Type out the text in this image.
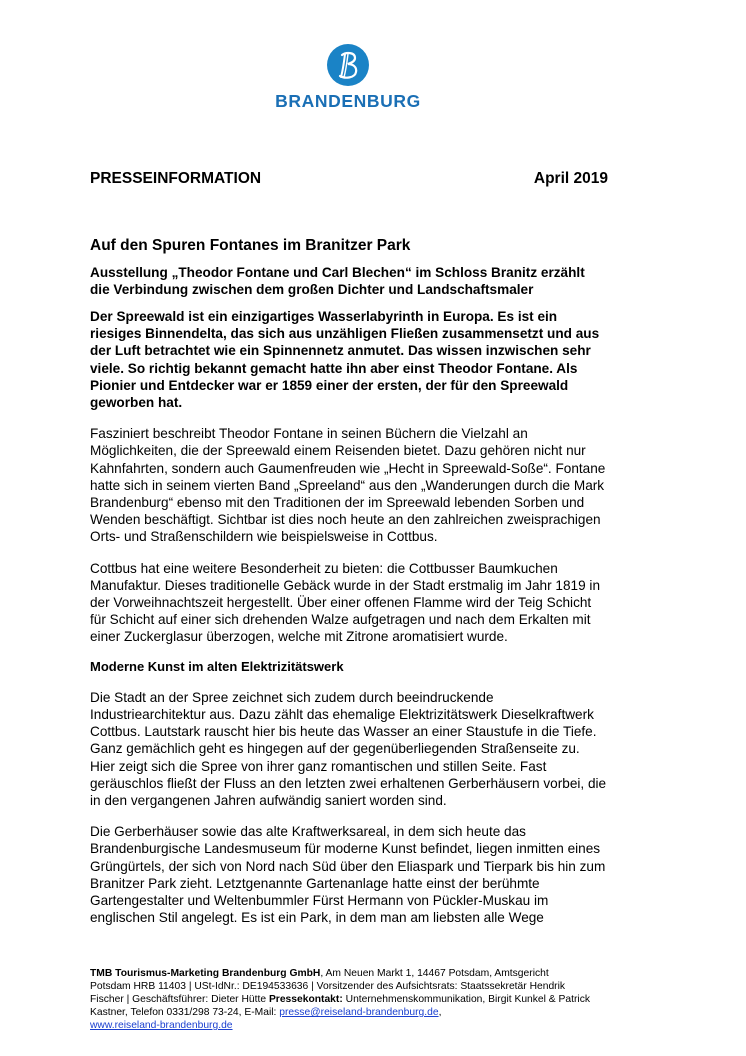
BRANDENBURG
PRESSEINFORMATION	April 2019
Auf den Spuren Fontanes im Branitzer Park
Ausstellung „Theodor Fontane und Carl Blechen“ im Schloss Branitz erzählt die Verbindung zwischen dem großen Dichter und Landschaftsmaler

Der Spreewald ist ein einzigartiges Wasserlabyrinth in Europa. Es ist ein riesiges Binnendelta, das sich aus unzähligen Fließen zusammensetzt und aus der Luft betrachtet wie ein Spinnennetz anmutet. Das wissen inzwischen sehr viele. So richtig bekannt gemacht hatte ihn aber einst Theodor Fontane. Als Pionier und Entdecker war er 1859 einer der ersten, der für den Spreewald geworben hat.

Fasziniert beschreibt Theodor Fontane in seinen Büchern die Vielzahl an Möglichkeiten, die der Spreewald einem Reisenden bietet. Dazu gehören nicht nur Kahnfahrten, sondern auch Gaumenfreuden wie „Hecht in Spreewald-Soße“. Fontane hatte sich in seinem vierten Band „Spreeland“ aus den „Wanderungen durch die Mark Brandenburg“ ebenso mit den Traditionen der im Spreewald lebenden Sorben und Wenden beschäftigt. Sichtbar ist dies noch heute an den zahlreichen zweisprachigen Orts- und Straßenschildern wie beispielsweise in Cottbus.

Cottbus hat eine weitere Besonderheit zu bieten: die Cottbusser Baumkuchen Manufaktur. Dieses traditionelle Gebäck wurde in der Stadt erstmalig im Jahr 1819 in der Vorweihnachtszeit hergestellt. Über einer offenen Flamme wird der Teig Schicht für Schicht auf einer sich drehenden Walze aufgetragen und nach dem Erkalten mit einer Zuckerglasur überzogen, welche mit Zitrone aromatisiert wurde.

Moderne Kunst im alten Elektrizitätswerk

Die Stadt an der Spree zeichnet sich zudem durch beeindruckende Industriearchitektur aus. Dazu zählt das ehemalige Elektrizitätswerk Dieselkraftwerk Cottbus. Lautstark rauscht hier bis heute das Wasser an einer Staustufe in die Tiefe. Ganz gemächlich geht es hingegen auf der gegenüberliegenden Straßenseite zu. Hier zeigt sich die Spree von ihrer ganz romantischen und stillen Seite. Fast geräuschlos fließt der Fluss an den letzten zwei erhaltenen Gerberhäusern vorbei, die in den vergangenen Jahren aufwändig saniert worden sind.

Die Gerberhäuser sowie das alte Kraftwerksareal, in dem sich heute das Brandenburgische Landesmuseum für moderne Kunst befindet, liegen inmitten eines Grüngürtels, der sich von Nord nach Süd über den Eliaspark und Tierpark bis hin zum Branitzer Park zieht. Letztgenannte Gartenanlage hatte einst der berühmte Gartengestalter und Weltenbummler Fürst Hermann von Pückler-Muskau im englischen Stil angelegt. Es ist ein Park, in dem man am liebsten alle Wege

TMB Tourismus-Marketing Brandenburg GmbH, Am Neuen Markt 1, 14467 Potsdam, Amtsgericht Potsdam HRB 11403 | USt-IdNr.: DE194533636 | Vorsitzender des Aufsichtsrats: Staatssekretär Hendrik Fischer | Geschäftsführer: Dieter Hütte Pressekontakt: Unternehmenskommunikation, Birgit Kunkel & Patrick Kastner, Telefon 0331/298 73-24, E-Mail: presse@reiseland-brandenburg.de,
www.reiseland-brandenburg.de
